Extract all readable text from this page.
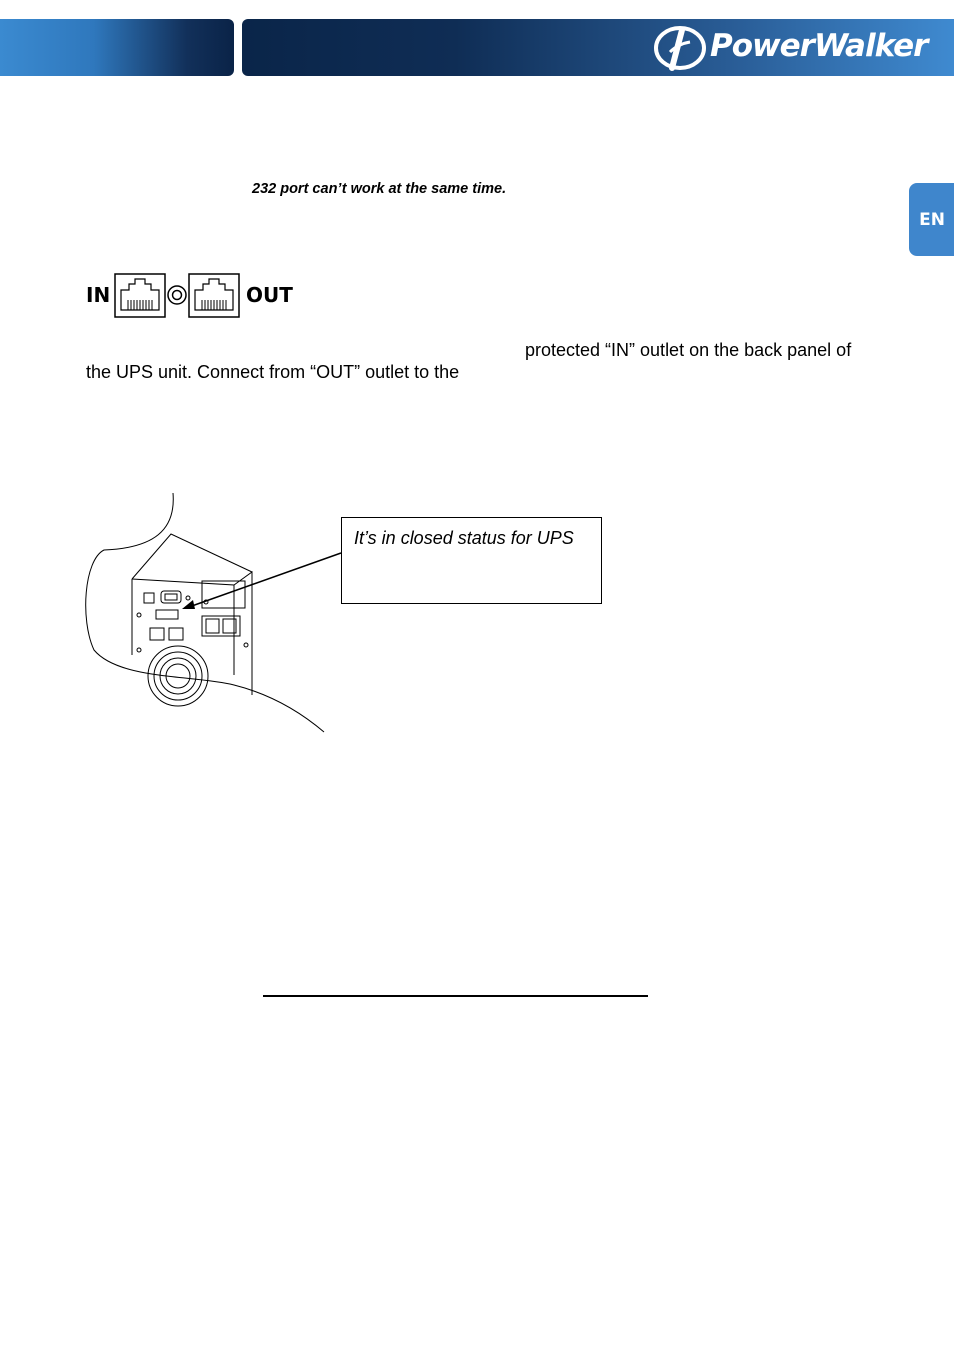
PowerWalker
EN
232 port can’t work at the same time.
IN	OUT
protected “IN” outlet on the back panel of
the UPS unit. Connect from “OUT” outlet to the
It’s in closed status for UPS
